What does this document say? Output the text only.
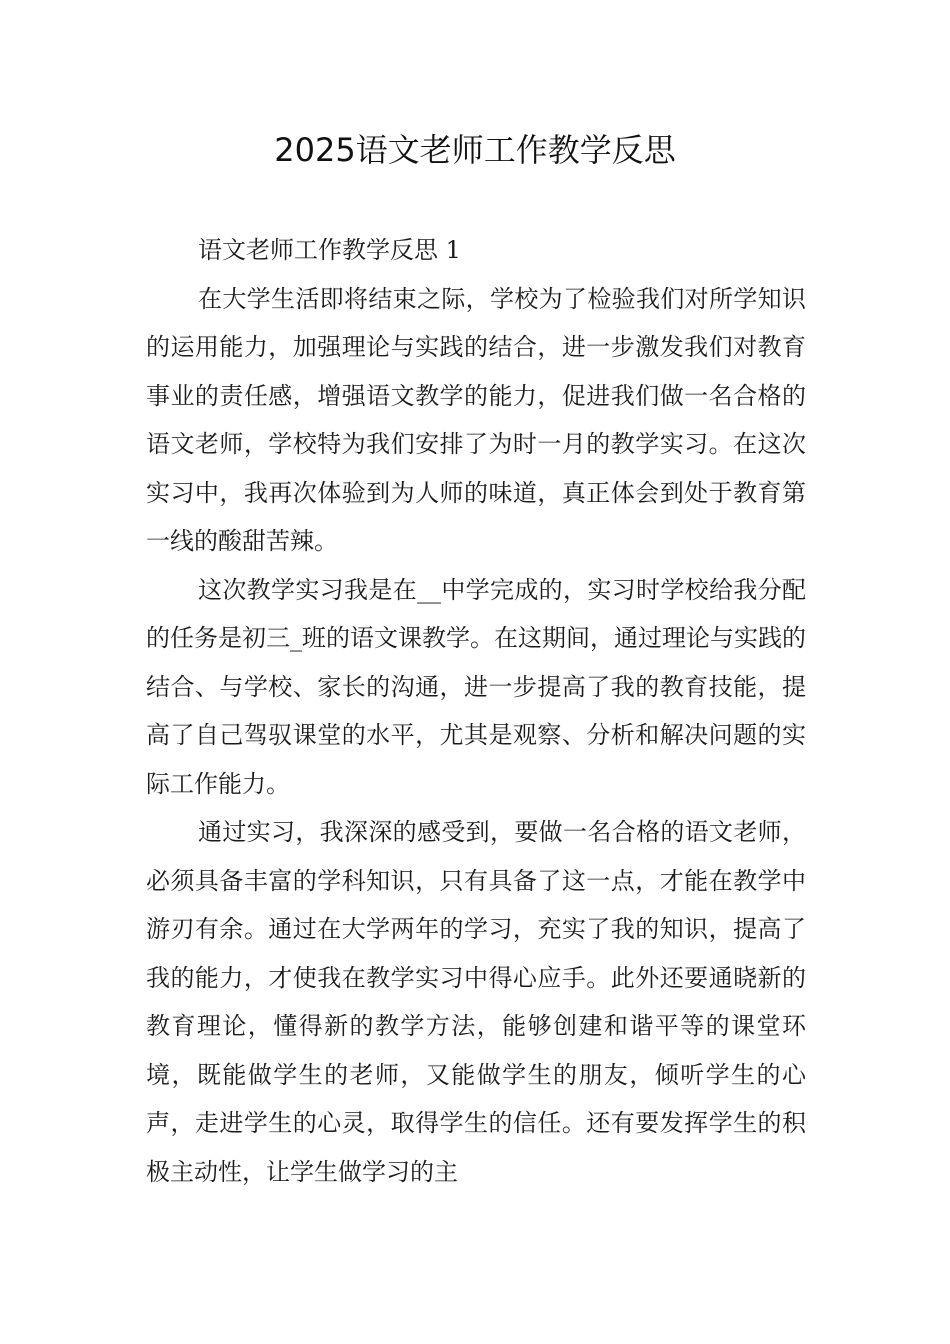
2025语文老师工作教学反思

语文老师工作教学反思 1

在大学生活即将结束之际，学校为了检验我们对所学知识的运用能力，加强理论与实践的结合，进一步激发我们对教育事业的责任感，增强语文教学的能力，促进我们做一名合格的语文老师，学校特为我们安排了为时一月的教学实习。在这次实习中，我再次体验到为人师的味道，真正体会到处于教育第一线的酸甜苦辣。

这次教学实习我是在__中学完成的，实习时学校给我分配的任务是初三_班的语文课教学。在这期间，通过理论与实践的结合、与学校、家长的沟通，进一步提高了我的教育技能，提高了自己驾驭课堂的水平，尤其是观察、分析和解决问题的实际工作能力。

通过实习，我深深的感受到，要做一名合格的语文老师，必须具备丰富的学科知识，只有具备了这一点，才能在教学中游刃有余。通过在大学两年的学习，充实了我的知识，提高了我的能力，才使我在教学实习中得心应手。此外还要通晓新的教育理论，懂得新的教学方法，能够创建和谐平等的课堂环境，既能做学生的老师，又能做学生的朋友，倾听学生的心声，走进学生的心灵，取得学生的信任。还有要发挥学生的积极主动性，让学生做学习的主
